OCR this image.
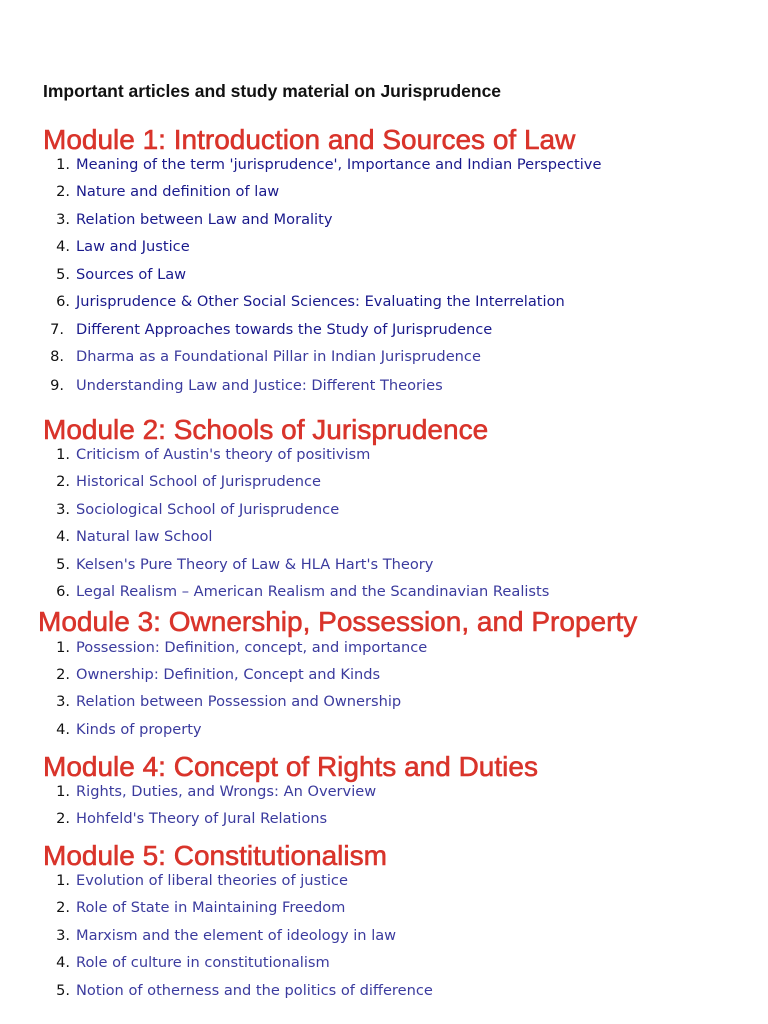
Important articles and study material on Jurisprudence
Module 1: Introduction and Sources of Law
1. Meaning of the term 'jurisprudence', Importance and Indian Perspective
2. Nature and definition of law
3. Relation between Law and Morality
4. Law and Justice
5. Sources of Law
6. Jurisprudence & Other Social Sciences: Evaluating the Interrelation
7. Different Approaches towards the Study of Jurisprudence
8. Dharma as a Foundational Pillar in Indian Jurisprudence
9. Understanding Law and Justice: Different Theories
Module 2: Schools of Jurisprudence
1. Criticism of Austin's theory of positivism
2. Historical School of Jurisprudence
3. Sociological School of Jurisprudence
4. Natural law School
5. Kelsen's Pure Theory of Law & HLA Hart's Theory
6. Legal Realism – American Realism and the Scandinavian Realists
Module 3: Ownership, Possession, and Property
1. Possession: Definition, concept, and importance
2. Ownership: Definition, Concept and Kinds
3. Relation between Possession and Ownership
4. Kinds of property
Module 4: Concept of Rights and Duties
1. Rights, Duties, and Wrongs: An Overview
2. Hohfeld's Theory of Jural Relations
Module 5: Constitutionalism
1. Evolution of liberal theories of justice
2. Role of State in Maintaining Freedom
3. Marxism and the element of ideology in law
4. Role of culture in constitutionalism
5. Notion of otherness and the politics of difference
